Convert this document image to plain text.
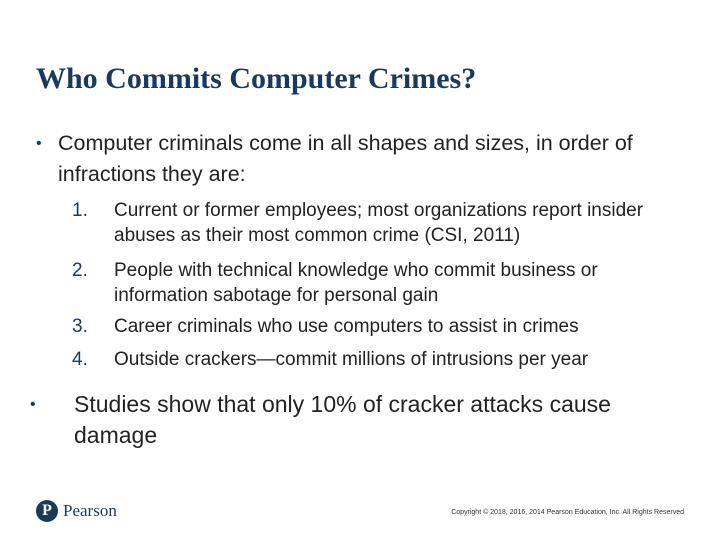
Who Commits Computer Crimes?
• Computer criminals come in all shapes and sizes, in order of infractions they are:
1. Current or former employees; most organizations report insider abuses as their most common crime (CSI, 2011)
2. People with technical knowledge who commit business or information sabotage for personal gain
3. Career criminals who use computers to assist in crimes
4. Outside crackers—commit millions of intrusions per year
• Studies show that only 10% of cracker attacks cause damage
P Pearson	Copyright © 2018, 2016, 2014 Pearson Education, Inc. All Rights Reserved
